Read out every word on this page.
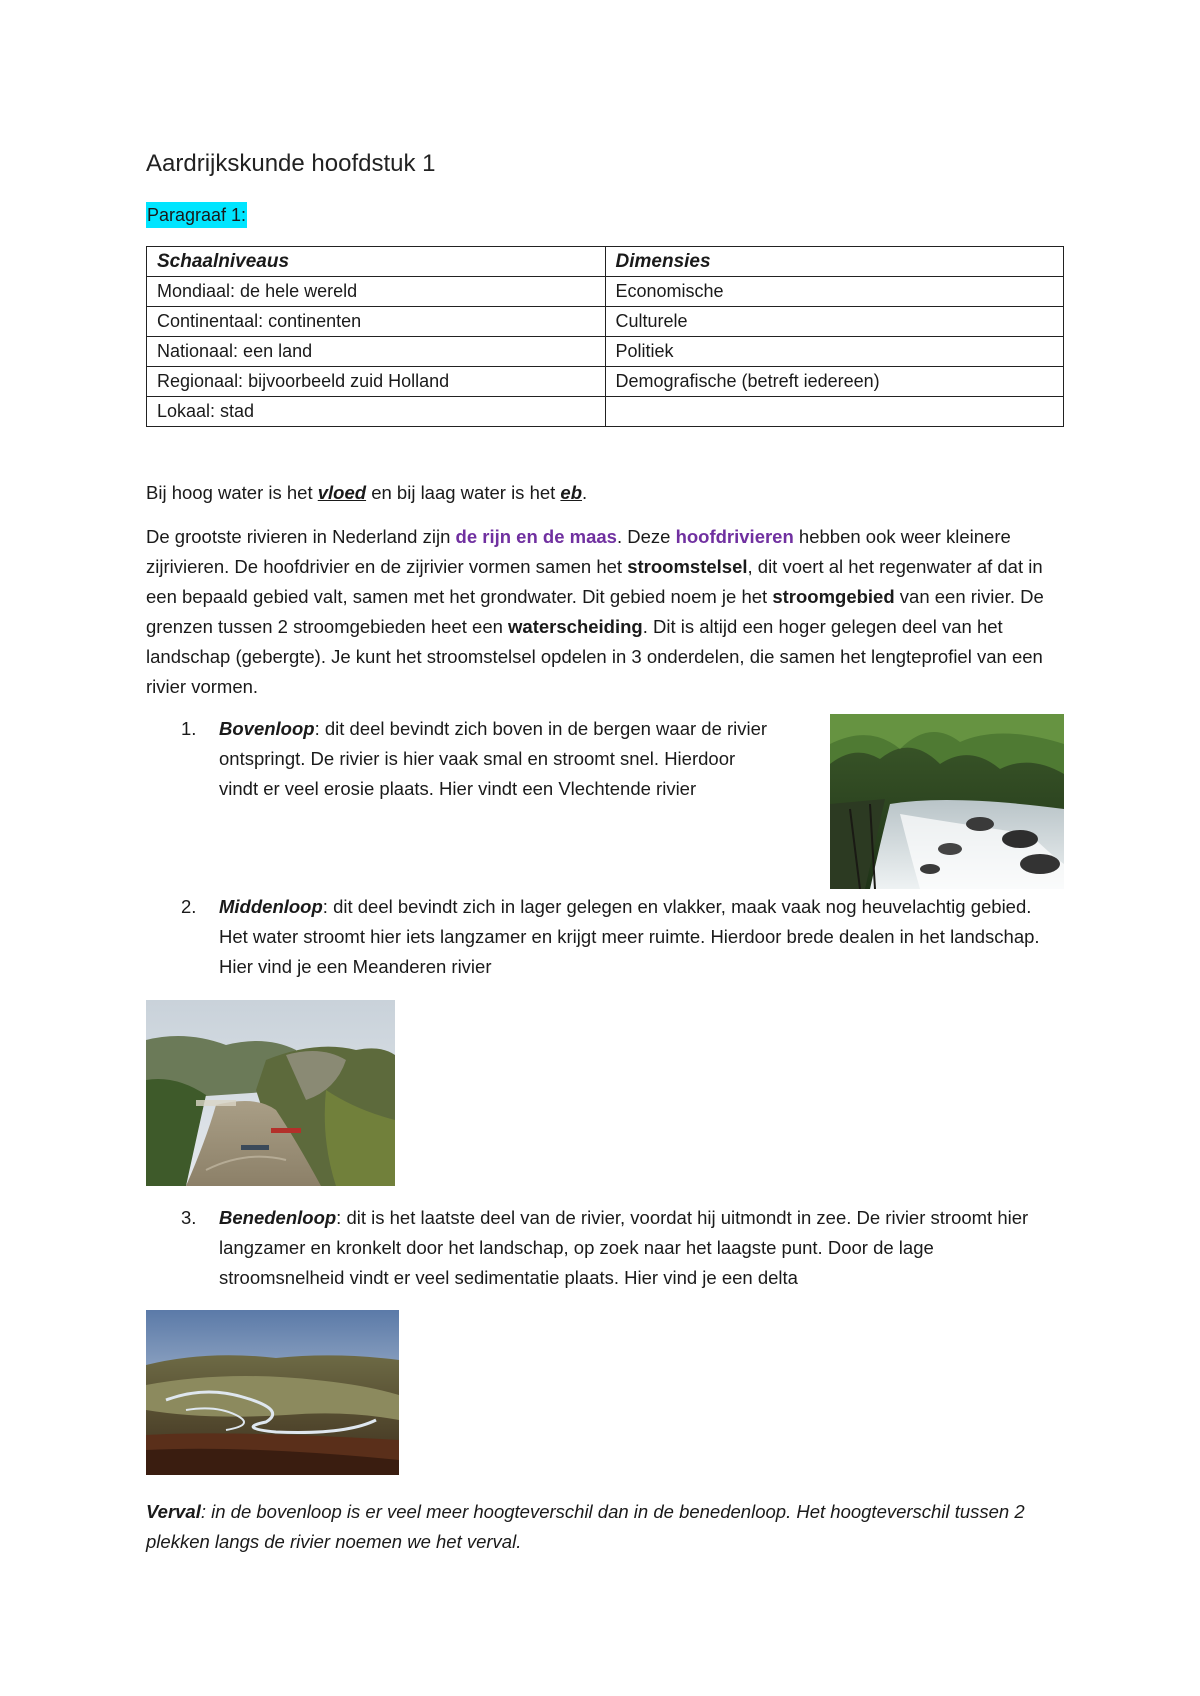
Aardrijkskunde hoofdstuk 1
Paragraaf 1:
Schaalniveaus	Dimensies
Mondiaal: de hele wereld	Economische
Continentaal: continenten	Culturele
Nationaal: een land	Politiek
Regionaal: bijvoorbeeld zuid Holland	Demografische (betreft iedereen)
Lokaal: stad	

Bij hoog water is het vloed en bij laag water is het eb.

De grootste rivieren in Nederland zijn de rijn en de maas. Deze hoofdrivieren hebben ook weer kleinere zijrivieren. De hoofdrivier en de zijrivier vormen samen het stroomstelsel, dit voert al het regenwater af dat in een bepaald gebied valt, samen met het grondwater. Dit gebied noem je het stroomgebied van een rivier. De grenzen tussen 2 stroomgebieden heet een waterscheiding. Dit is altijd een hoger gelegen deel van het landschap (gebergte). Je kunt het stroomstelsel opdelen in 3 onderdelen, die samen het lengteprofiel van een rivier vormen.

1. Bovenloop: dit deel bevindt zich boven in de bergen waar de rivier ontspringt. De rivier is hier vaak smal en stroomt snel. Hierdoor vindt er veel erosie plaats. Hier vindt een Vlechtende rivier
2. Middenloop: dit deel bevindt zich in lager gelegen en vlakker, maak vaak nog heuvelachtig gebied. Het water stroomt hier iets langzamer en krijgt meer ruimte. Hierdoor brede dealen in het landschap. Hier vind je een Meanderen rivier
3. Benedenloop: dit is het laatste deel van de rivier, voordat hij uitmondt in zee. De rivier stroomt hier langzamer en kronkelt door het landschap, op zoek naar het laagste punt. Door de lage stroomsnelheid vindt er veel sedimentatie plaats. Hier vind je een delta

Verval: in de bovenloop is er veel meer hoogteverschil dan in de benedenloop. Het hoogteverschil tussen 2 plekken langs de rivier noemen we het verval.
